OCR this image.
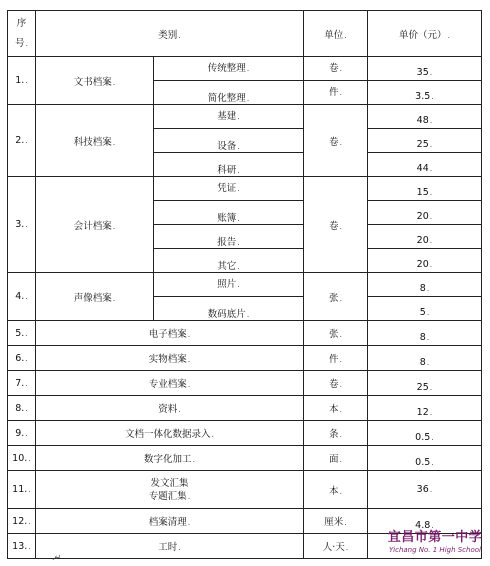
序
号.	类别.		单位.	单价（元）.
1..	文书档案.	传统整理.	卷.	35.
		简化整理.	件.	3.5.
2..	科技档案.	基建.	卷.	48.
		设备.		25.
		科研.		44.
3..	会计档案.	凭证.	卷.	15.
		账簿.		20.
		报告.		20.
		其它.		20.
4..	声像档案.	照片.	张.	8.
		数码底片.		5.
5..	电子档案.		张.	8.
6..	实物档案.		件.	8.
7..	专业档案.		卷.	25.
8..	资料.		本.	12.
9..	文档一体化数据录入.		条.	0.5.
10..	数字化加工.		面.	0.5.
11..	发文汇集
专题汇集.		本.	36.
12..	档案清理.		厘米.	4.8.
13..	工时.		人·天.	
.↵
宜昌市第一中学
Yichang No. 1 High School
